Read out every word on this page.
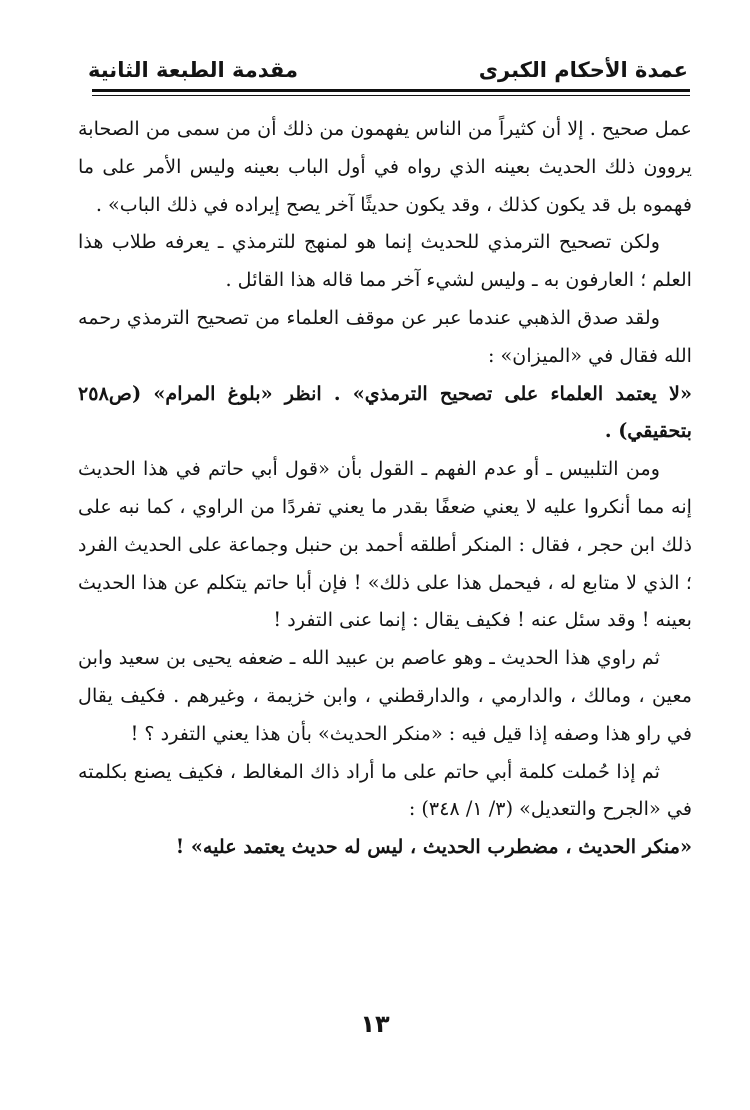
عمدة الأحكام الكبرى
مقدمة الطبعة الثانية

عمل صحيح . إلا أن كثيراً من الناس يفهمون من ذلك أن من سمى من الصحابة يروون ذلك الحديث بعينه الذي رواه في أول الباب بعينه وليس الأمر على ما فهموه بل قد يكون كذلك ، وقد يكون حديثًا آخر يصح إيراده في ذلك الباب» .

ولكن تصحيح الترمذي للحديث إنما هو لمنهج للترمذي ـ يعرفه طلاب هذا العلم ؛ العارفون به ـ وليس لشيء آخر مما قاله هذا القائل .

ولقد صدق الذهبي عندما عبر عن موقف العلماء من تصحيح الترمذي رحمه الله فقال في «الميزان» :

«لا يعتمد العلماء على تصحيح الترمذي» . انظر «بلوغ المرام» (ص٢٥٨ بتحقيقي) .

ومن التلبيس ـ أو عدم الفهم ـ القول بأن «قول أبي حاتم في هذا الحديث إنه مما أنكروا عليه لا يعني ضعفًا بقدر ما يعني تفردًا من الراوي ، كما نبه على ذلك ابن حجر ، فقال : المنكر أطلقه أحمد بن حنبل وجماعة على الحديث الفرد ؛ الذي لا متابع له ، فيحمل هذا على ذلك» ! فإن أبا حاتم يتكلم عن هذا الحديث بعينه ! وقد سئل عنه ! فكيف يقال : إنما عنى التفرد !

ثم راوي هذا الحديث ـ وهو عاصم بن عبيد الله ـ ضعفه يحيى بن سعيد وابن معين ، ومالك ، والدارمي ، والدارقطني ، وابن خزيمة ، وغيرهم . فكيف يقال في راو هذا وصفه إذا قيل فيه : «منكر الحديث» بأن هذا يعني التفرد ؟ !

ثم إذا حُملت كلمة أبي حاتم على ما أراد ذاك المغالط ، فكيف يصنع بكلمته في «الجرح والتعديل» (٣/ ١/ ٣٤٨) :

«منكر الحديث ، مضطرب الحديث ، ليس له حديث يعتمد عليه» !

١٣
